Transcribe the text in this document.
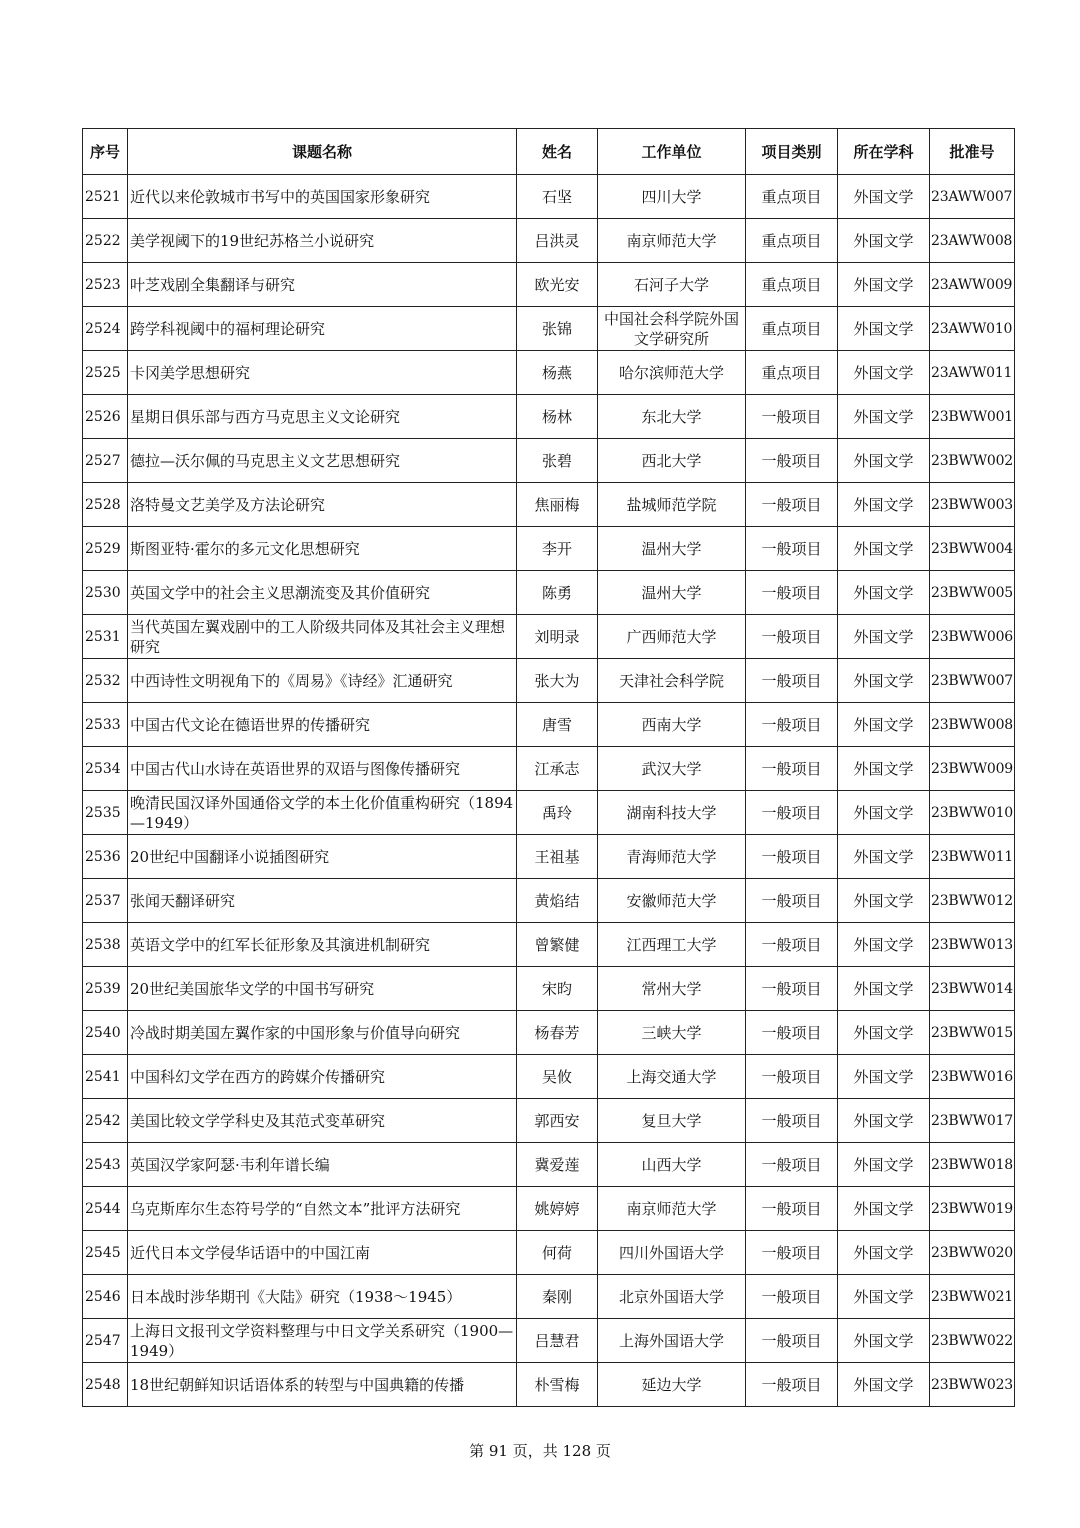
序号	课题名称	姓名	工作单位	项目类别	所在学科	批准号
2521	近代以来伦敦城市书写中的英国国家形象研究	石坚	四川大学	重点项目	外国文学	23AWW007
2522	美学视阈下的19世纪苏格兰小说研究	吕洪灵	南京师范大学	重点项目	外国文学	23AWW008
2523	叶芝戏剧全集翻译与研究	欧光安	石河子大学	重点项目	外国文学	23AWW009
2524	跨学科视阈中的福柯理论研究	张锦	中国社会科学院外国文学研究所	重点项目	外国文学	23AWW010
2525	卡冈美学思想研究	杨燕	哈尔滨师范大学	重点项目	外国文学	23AWW011
2526	星期日俱乐部与西方马克思主义文论研究	杨林	东北大学	一般项目	外国文学	23BWW001
2527	德拉—沃尔佩的马克思主义文艺思想研究	张碧	西北大学	一般项目	外国文学	23BWW002
2528	洛特曼文艺美学及方法论研究	焦丽梅	盐城师范学院	一般项目	外国文学	23BWW003
2529	斯图亚特·霍尔的多元文化思想研究	李开	温州大学	一般项目	外国文学	23BWW004
2530	英国文学中的社会主义思潮流变及其价值研究	陈勇	温州大学	一般项目	外国文学	23BWW005
2531	当代英国左翼戏剧中的工人阶级共同体及其社会主义理想研究	刘明录	广西师范大学	一般项目	外国文学	23BWW006
2532	中西诗性文明视角下的《周易》《诗经》汇通研究	张大为	天津社会科学院	一般项目	外国文学	23BWW007
2533	中国古代文论在德语世界的传播研究	唐雪	西南大学	一般项目	外国文学	23BWW008
2534	中国古代山水诗在英语世界的双语与图像传播研究	江承志	武汉大学	一般项目	外国文学	23BWW009
2535	晚清民国汉译外国通俗文学的本土化价值重构研究（1894—1949）	禹玲	湖南科技大学	一般项目	外国文学	23BWW010
2536	20世纪中国翻译小说插图研究	王祖基	青海师范大学	一般项目	外国文学	23BWW011
2537	张闻天翻译研究	黄焰结	安徽师范大学	一般项目	外国文学	23BWW012
2538	英语文学中的红军长征形象及其演进机制研究	曾繁健	江西理工大学	一般项目	外国文学	23BWW013
2539	20世纪美国旅华文学的中国书写研究	宋昀	常州大学	一般项目	外国文学	23BWW014
2540	冷战时期美国左翼作家的中国形象与价值导向研究	杨春芳	三峡大学	一般项目	外国文学	23BWW015
2541	中国科幻文学在西方的跨媒介传播研究	吴攸	上海交通大学	一般项目	外国文学	23BWW016
2542	美国比较文学学科史及其范式变革研究	郭西安	复旦大学	一般项目	外国文学	23BWW017
2543	英国汉学家阿瑟·韦利年谱长编	冀爱莲	山西大学	一般项目	外国文学	23BWW018
2544	乌克斯库尔生态符号学的“自然文本”批评方法研究	姚婷婷	南京师范大学	一般项目	外国文学	23BWW019
2545	近代日本文学侵华话语中的中国江南	何荷	四川外国语大学	一般项目	外国文学	23BWW020
2546	日本战时涉华期刊《大陆》研究（1938～1945）	秦刚	北京外国语大学	一般项目	外国文学	23BWW021
2547	上海日文报刊文学资料整理与中日文学关系研究（1900—1949）	吕慧君	上海外国语大学	一般项目	外国文学	23BWW022
2548	18世纪朝鲜知识话语体系的转型与中国典籍的传播	朴雪梅	延边大学	一般项目	外国文学	23BWW023
第 91 页，共 128 页
